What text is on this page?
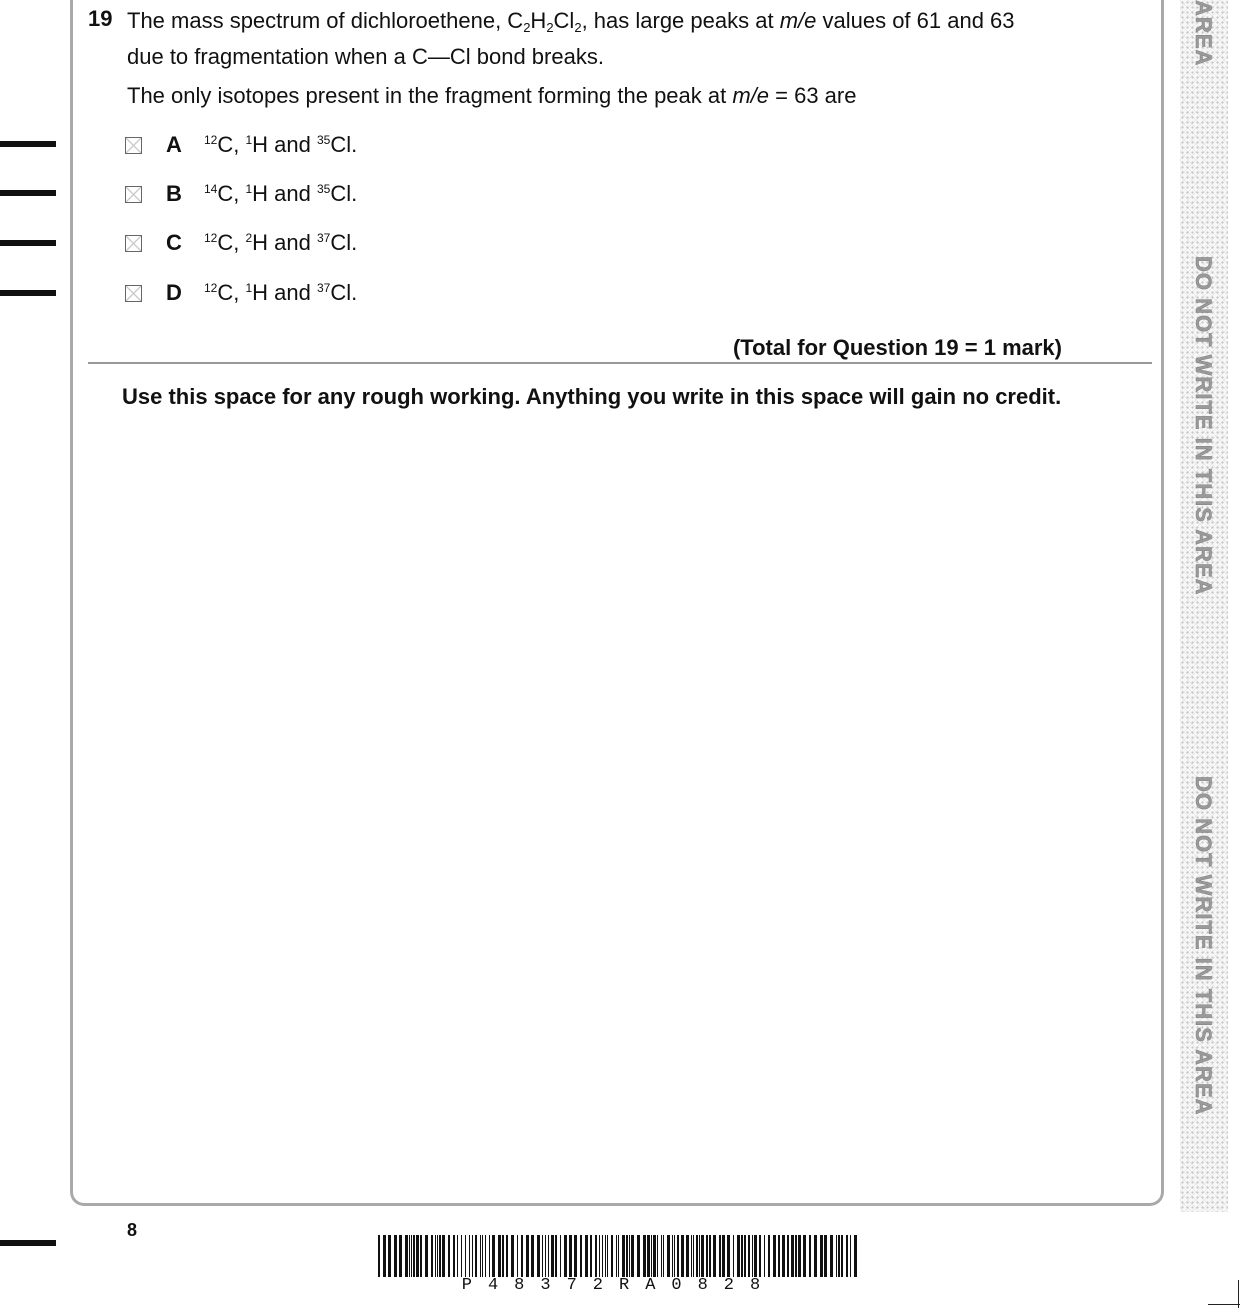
19 The mass spectrum of dichloroethene, $C_2H_2Cl_2$, has large peaks at m/e values of 61 and 63
due to fragmentation when a C—Cl bond breaks.
The only isotopes present in the fragment forming the peak at m/e = 63 are
A	$^{12}$C, $^1$H and $^{35}$Cl.
B	$^{14}$C, $^1$H and $^{35}$Cl.
C	$^{12}$C, $^2$H and $^{37}$Cl.
D	$^{12}$C, $^1$H and $^{37}$Cl.
(Total for Question 19 = 1 mark)
Use this space for any rough working. Anything you write in this space will gain no credit.
8
P48372RA0828
AREA
DO NOT WRITE IN THIS AREA
DO NOT WRITE IN THIS AREA
